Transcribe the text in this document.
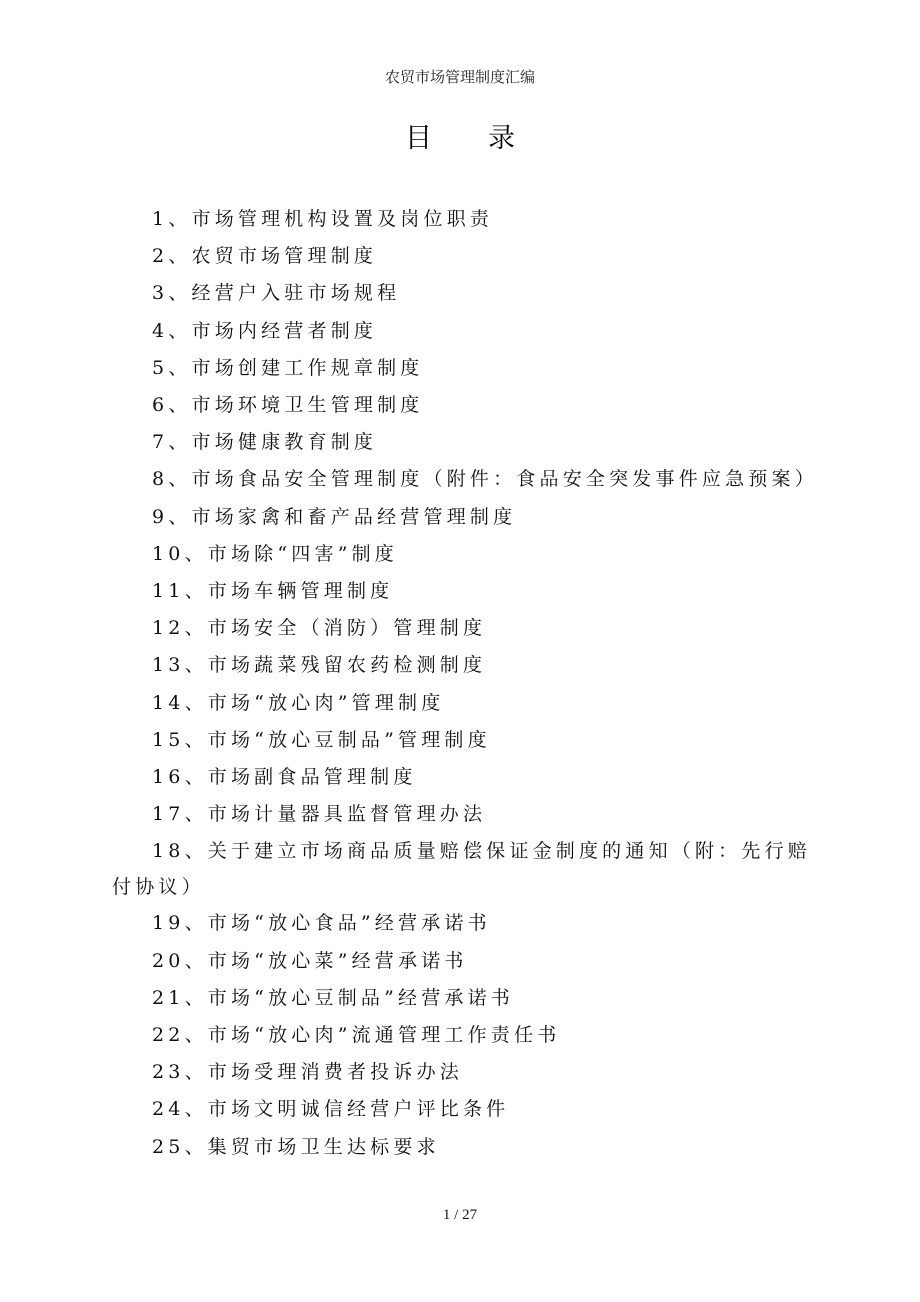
农贸市场管理制度汇编
目 录
1、市场管理机构设置及岗位职责
2、农贸市场管理制度
3、经营户入驻市场规程
4、市场内经营者制度
5、市场创建工作规章制度
6、市场环境卫生管理制度
7、市场健康教育制度
8、市场食品安全管理制度（附件：食品安全突发事件应急预案）
9、市场家禽和畜产品经营管理制度
10、市场除“四害”制度
11、市场车辆管理制度
12、市场安全（消防）管理制度
13、市场蔬菜残留农药检测制度
14、市场“放心肉”管理制度
15、市场“放心豆制品”管理制度
16、市场副食品管理制度
17、市场计量器具监督管理办法
18、关于建立市场商品质量赔偿保证金制度的通知（附：先行赔付协议）
19、市场“放心食品”经营承诺书
20、市场“放心菜”经营承诺书
21、市场“放心豆制品”经营承诺书
22、市场“放心肉”流通管理工作责任书
23、市场受理消费者投诉办法
24、市场文明诚信经营户评比条件
25、集贸市场卫生达标要求
1 / 27
